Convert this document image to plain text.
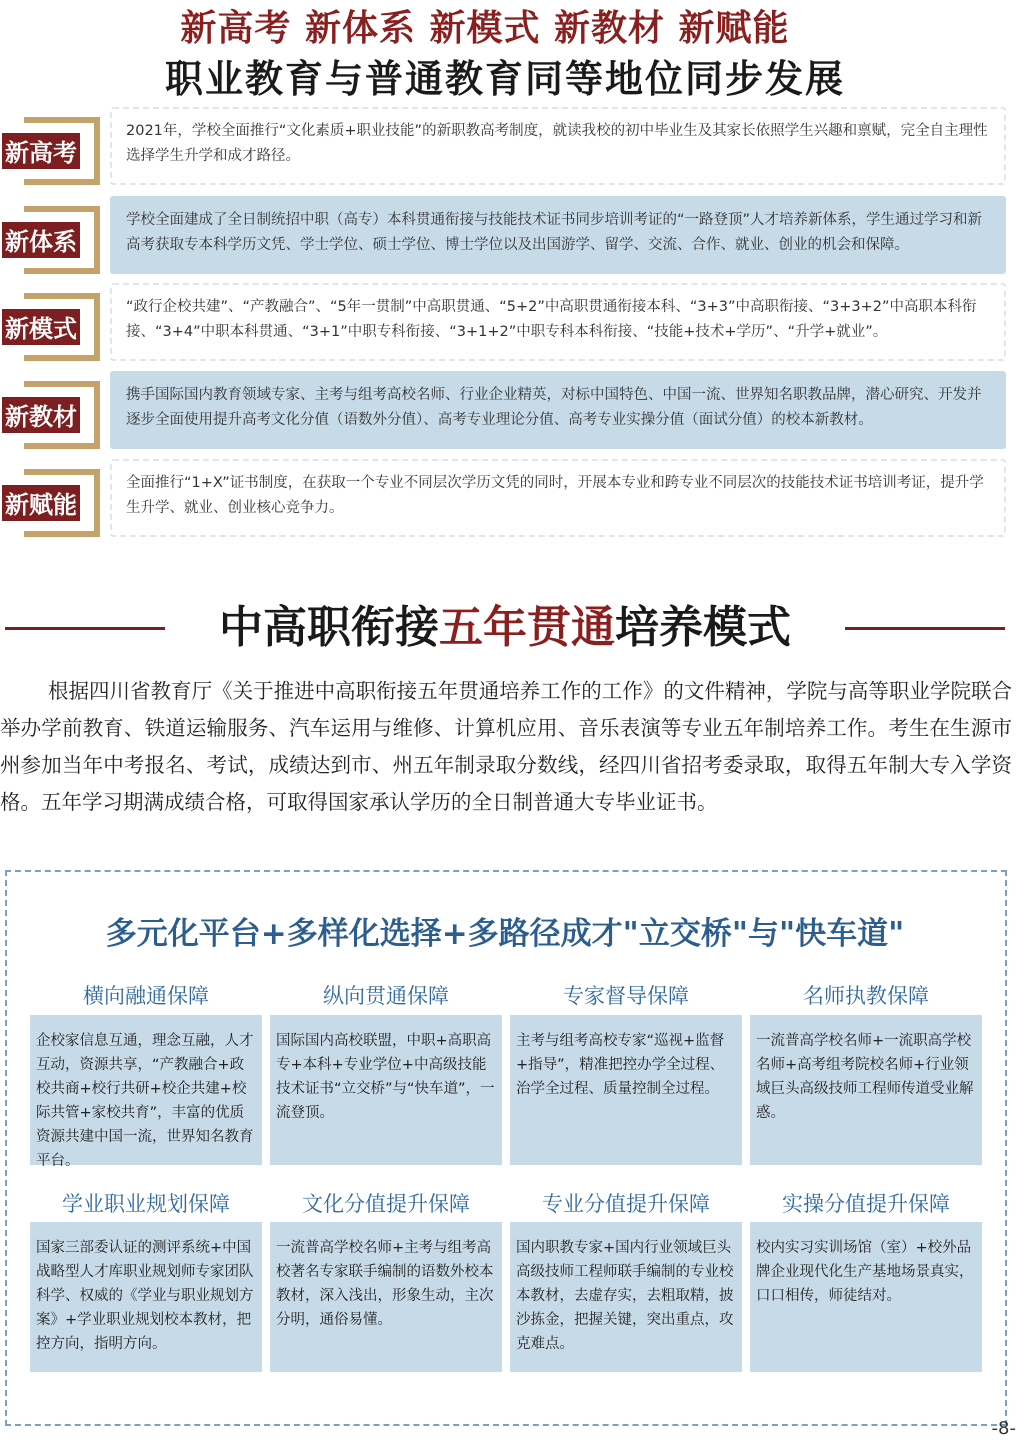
新高考 新体系 新模式 新教材 新赋能
职业教育与普通教育同等地位同步发展
新高考
2021年，学校全面推行“文化素质+职业技能”的新职教高考制度，就读我校的初中毕业生及其家长依照学生兴趣和禀赋，完全自主理性选择学生升学和成才路径。
新体系
学校全面建成了全日制统招中职（高专）本科贯通衔接与技能技术证书同步培训考证的“一路登顶”人才培养新体系，学生通过学习和新高考获取专本科学历文凭、学士学位、硕士学位、博士学位以及出国游学、留学、交流、合作、就业、创业的机会和保障。
新模式
“政行企校共建”、“产教融合”、“5年一贯制”中高职贯通、“5+2”中高职贯通衔接本科、“3+3”中高职衔接、“3+3+2”中高职本科衔接、“3+4”中职本科贯通、“3+1”中职专科衔接、“3+1+2”中职专科本科衔接、“技能+技术+学历”、“升学+就业”。
新教材
携手国际国内教育领域专家、主考与组考高校名师、行业企业精英，对标中国特色、中国一流、世界知名职教品牌，潜心研究、开发并逐步全面使用提升高考文化分值（语数外分值）、高考专业理论分值、高考专业实操分值（面试分值）的校本新教材。
新赋能
全面推行“1+X”证书制度，在获取一个专业不同层次学历文凭的同时，开展本专业和跨专业不同层次的技能技术证书培训考证，提升学生升学、就业、创业核心竞争力。
中高职衔接五年贯通培养模式
根据四川省教育厅《关于推进中高职衔接五年贯通培养工作的工作》的文件精神，学院与高等职业学院联合举办学前教育、铁道运输服务、汽车运用与维修、计算机应用、音乐表演等专业五年制培养工作。考生在生源市州参加当年中考报名、考试，成绩达到市、州五年制录取分数线，经四川省招考委录取，取得五年制大专入学资格。五年学习期满成绩合格，可取得国家承认学历的全日制普通大专毕业证书。
多元化平台+多样化选择+多路径成才"立交桥"与"快车道"
横向融通保障
企校家信息互通，理念互融，人才互动，资源共享，“产教融合+政校共商+校行共研+校企共建+校际共管+家校共育”，丰富的优质资源共建中国一流，世界知名教育平台。
纵向贯通保障
国际国内高校联盟，中职+高职高专+本科+专业学位+中高级技能技术证书“立交桥”与“快车道”，一流登顶。
专家督导保障
主考与组考高校专家“巡视+监督+指导”，精准把控办学全过程、治学全过程、质量控制全过程。
名师执教保障
一流普高学校名师+一流职高学校名师+高考组考院校名师+行业领域巨头高级技师工程师传道受业解惑。
学业职业规划保障
国家三部委认证的测评系统+中国战略型人才库职业规划师专家团队科学、权威的《学业与职业规划方案》+学业职业规划校本教材，把控方向，指明方向。
文化分值提升保障
一流普高学校名师+主考与组考高校著名专家联手编制的语数外校本教材，深入浅出，形象生动，主次分明，通俗易懂。
专业分值提升保障
国内职教专家+国内行业领域巨头高级技师工程师联手编制的专业校本教材，去虚存实，去粗取精，披沙拣金，把握关键，突出重点，攻克难点。
实操分值提升保障
校内实习实训场馆（室）+校外品牌企业现代化生产基地场景真实，口口相传，师徒结对。
-8-
